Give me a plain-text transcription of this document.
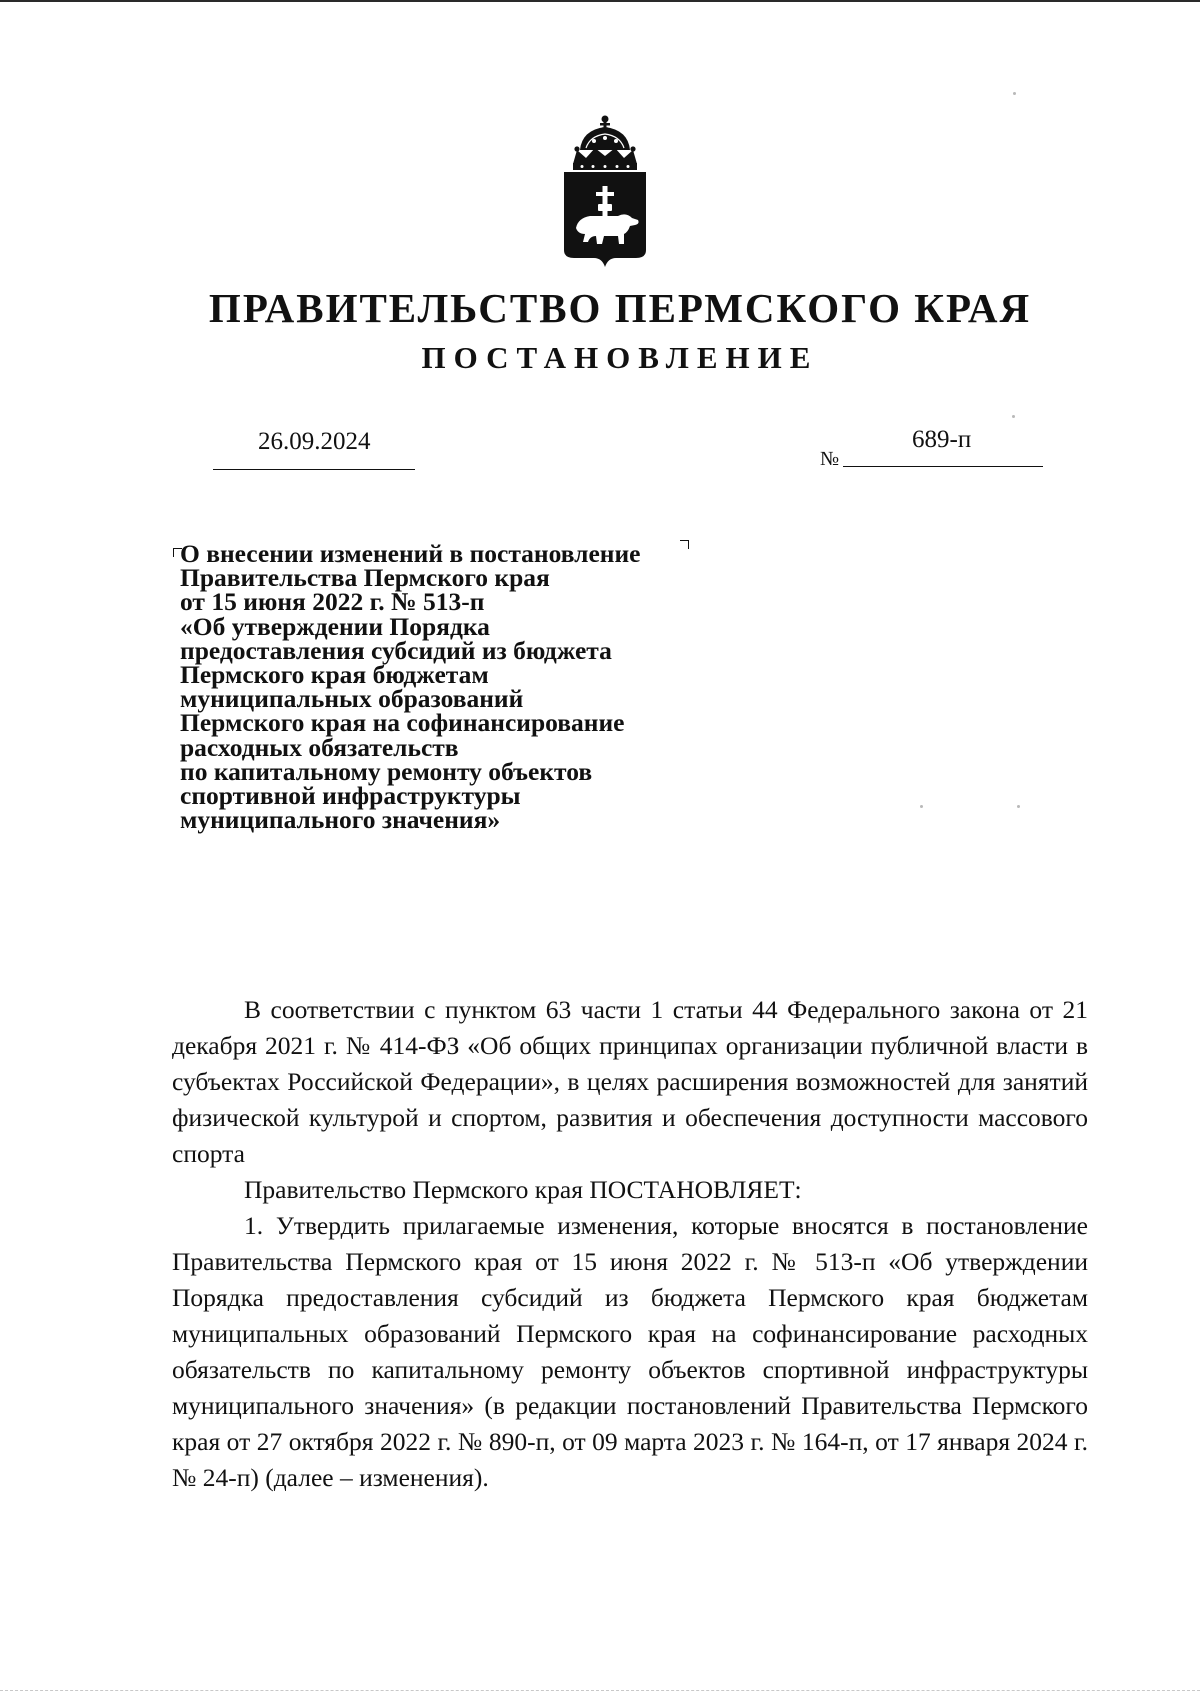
ПРАВИТЕЛЬСТВО ПЕРМСКОГО КРАЯ
ПОСТАНОВЛЕНИЕ
26.09.2024
№
689-п
О внесении изменений в постановление
Правительства Пермского края
от 15 июня 2022 г. № 513-п
«Об утверждении Порядка
предоставления субсидий из бюджета
Пермского края бюджетам
муниципальных образований
Пермского края на софинансирование
расходных обязательств
по капитальному ремонту объектов
спортивной инфраструктуры
муниципального значения»

В соответствии с пунктом 63 части 1 статьи 44 Федерального закона от 21 декабря 2021 г. № 414-ФЗ «Об общих принципах организации публичной власти в субъектах Российской Федерации», в целях расширения возможностей для занятий физической культурой и спортом, развития и обеспечения доступности массового спорта

Правительство Пермского края ПОСТАНОВЛЯЕТ:

1. Утвердить прилагаемые изменения, которые вносятся в постановление Правительства Пермского края от 15 июня 2022 г. № 513-п «Об утверждении Порядка предоставления субсидий из бюджета Пермского края бюджетам муниципальных образований Пермского края на софинансирование расходных обязательств по капитальному ремонту объектов спортивной инфраструктуры муниципального значения» (в редакции постановлений Правительства Пермского края от 27 октября 2022 г. № 890-п, от 09 марта 2023 г. № 164-п, от 17 января 2024 г. № 24-п) (далее – изменения).
